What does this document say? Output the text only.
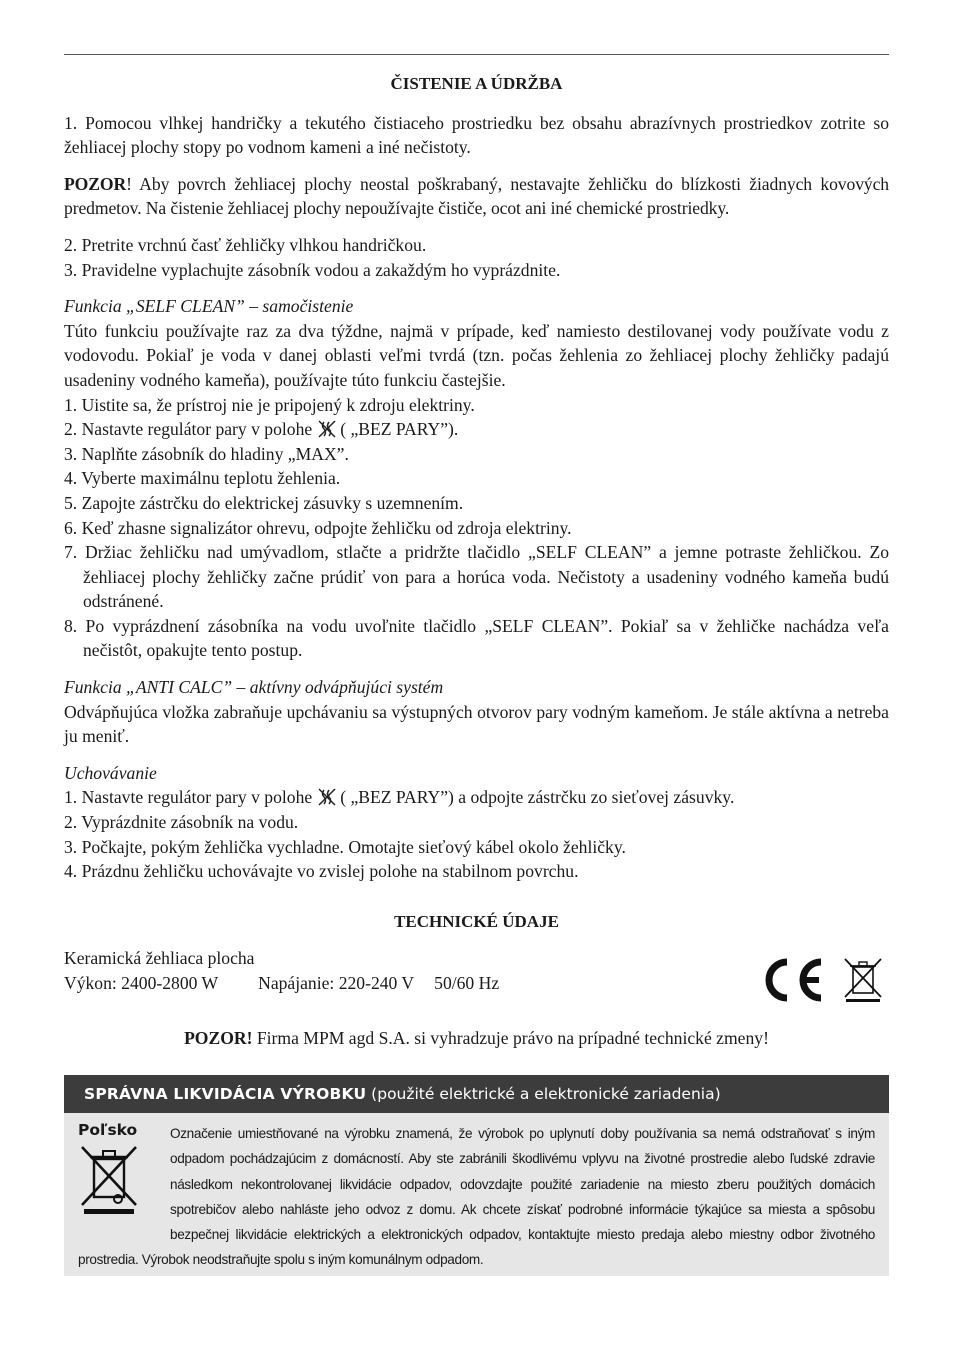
ČISTENIE A ÚDRŽBA

1. Pomocou vlhkej handričky a tekutého čistiaceho prostriedku bez obsahu abrazívnych prostriedkov zotrite so žehliacej plochy stopy po vodnom kameni a iné nečistoty.

POZOR! Aby povrch žehliacej plochy neostal poškrabaný, nestavajte žehličku do blízkosti žiadnych kovových predmetov. Na čistenie žehliacej plochy nepoužívajte čističe, ocot ani iné chemické prostriedky.

2. Pretrite vrchnú časť žehličky vlhkou handričkou.

3. Pravidelne vyplachujte zásobník vodou a zakaždým ho vyprázdnite.

Funkcia „SELF CLEAN” – samočistenie

Túto funkciu používajte raz za dva týždne, najmä v prípade, keď namiesto destilovanej vody používate vodu z vodovodu. Pokiaľ je voda v danej oblasti veľmi tvrdá (tzn. počas žehlenia zo žehliacej plochy žehličky padajú usadeniny vodného kameňa), používajte túto funkciu častejšie.

1. Uistite sa, že prístroj nie je pripojený k zdroju elektriny.

2. Nastavte regulátor pary v polohe ( „BEZ PARY”).

3. Naplňte zásobník do hladiny „MAX”.

4. Vyberte maximálnu teplotu žehlenia.

5. Zapojte zástrčku do elektrickej zásuvky s uzemnením.

6. Keď zhasne signalizátor ohrevu, odpojte žehličku od zdroja elektriny.

7. Držiac žehličku nad umývadlom, stlačte a pridržte tlačidlo „SELF CLEAN” a jemne potraste žehličkou. Zo žehliacej plochy žehličky začne prúdiť von para a horúca voda. Nečistoty a usadeniny vodného kameňa budú odstránené.

8. Po vyprázdnení zásobníka na vodu uvoľnite tlačidlo „SELF CLEAN”. Pokiaľ sa v žehličke nachádza veľa nečistôt, opakujte tento postup.

Funkcia „ANTI CALC” – aktívny odvápňujúci systém

Odvápňujúca vložka zabraňuje upchávaniu sa výstupných otvorov pary vodným kameňom. Je stále aktívna a netreba ju meniť.

Uchovávanie

1. Nastavte regulátor pary v polohe ( „BEZ PARY”) a odpojte zástrčku zo sieťovej zásuvky.

2. Vyprázdnite zásobník na vodu.

3. Počkajte, pokým žehlička vychladne. Omotajte sieťový kábel okolo žehličky.

4. Prázdnu žehličku uchovávajte vo zvislej polohe na stabilnom povrchu.

TECHNICKÉ ÚDAJE

Keramická žehliaca plocha

Výkon: 2400-2800 W Napájanie: 220-240 V 50/60 Hz

POZOR! Firma MPM agd S.A. si vyhradzuje právo na prípadné technické zmeny!

SPRÁVNA LIKVIDÁCIA VÝROBKU (použité elektrické a elektronické zariadenia)
Poľsko	Označenie umiestňované na výrobku znamená, že výrobok po uplynutí doby používania sa nemá odstraňovať s iným odpadom pochádzajúcim z domácností. Aby ste zabránili škodlivému vplyvu na životné prostredie alebo ľudské zdravie následkom nekontrolovanej likvidácie odpadov, odovzdajte použité zariadenie na miesto zberu použitých domácich spotrebičov alebo nahláste jeho odvoz z domu. Ak chcete získať podrobné informácie týkajúce sa miesta a spôsobu bezpečnej likvidácie elektrických a elektronických odpadov, kontaktujte miesto predaja alebo miestny odbor životného prostredia. Výrobok neodstraňujte spolu s iným komunálnym odpadom.
